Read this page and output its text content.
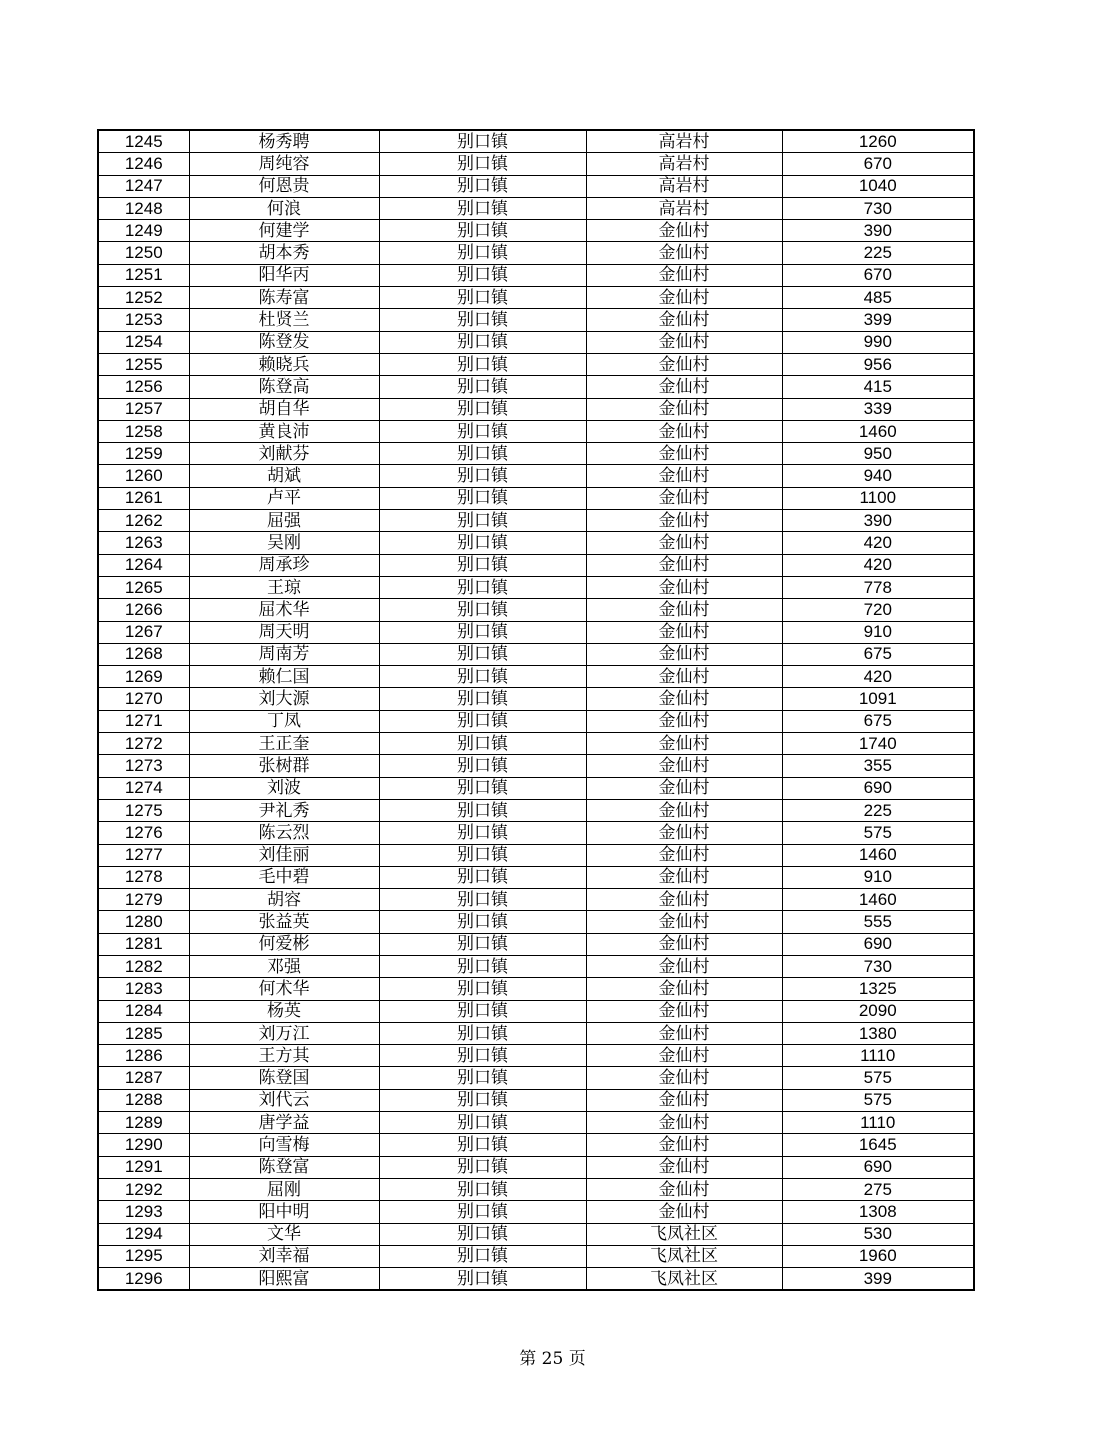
1245	杨秀聘	别口镇	高岩村	1260
1246	周纯容	别口镇	高岩村	670
1247	何恩贵	别口镇	高岩村	1040
1248	何浪	别口镇	高岩村	730
1249	何建学	别口镇	金仙村	390
1250	胡本秀	别口镇	金仙村	225
1251	阳华丙	别口镇	金仙村	670
1252	陈寿富	别口镇	金仙村	485
1253	杜贤兰	别口镇	金仙村	399
1254	陈登发	别口镇	金仙村	990
1255	赖晓兵	别口镇	金仙村	956
1256	陈登高	别口镇	金仙村	415
1257	胡自华	别口镇	金仙村	339
1258	黄良沛	别口镇	金仙村	1460
1259	刘献芬	别口镇	金仙村	950
1260	胡斌	别口镇	金仙村	940
1261	卢平	别口镇	金仙村	1100
1262	屈强	别口镇	金仙村	390
1263	吴刚	别口镇	金仙村	420
1264	周承珍	别口镇	金仙村	420
1265	王琼	别口镇	金仙村	778
1266	屈术华	别口镇	金仙村	720
1267	周天明	别口镇	金仙村	910
1268	周南芳	别口镇	金仙村	675
1269	赖仁国	别口镇	金仙村	420
1270	刘大源	别口镇	金仙村	1091
1271	丁凤	别口镇	金仙村	675
1272	王正奎	别口镇	金仙村	1740
1273	张树群	别口镇	金仙村	355
1274	刘波	别口镇	金仙村	690
1275	尹礼秀	别口镇	金仙村	225
1276	陈云烈	别口镇	金仙村	575
1277	刘佳丽	别口镇	金仙村	1460
1278	毛中碧	别口镇	金仙村	910
1279	胡容	别口镇	金仙村	1460
1280	张益英	别口镇	金仙村	555
1281	何爱彬	别口镇	金仙村	690
1282	邓强	别口镇	金仙村	730
1283	何术华	别口镇	金仙村	1325
1284	杨英	别口镇	金仙村	2090
1285	刘万江	别口镇	金仙村	1380
1286	王方其	别口镇	金仙村	1110
1287	陈登国	别口镇	金仙村	575
1288	刘代云	别口镇	金仙村	575
1289	唐学益	别口镇	金仙村	1110
1290	向雪梅	别口镇	金仙村	1645
1291	陈登富	别口镇	金仙村	690
1292	屈刚	别口镇	金仙村	275
1293	阳中明	别口镇	金仙村	1308
1294	文华	别口镇	飞凤社区	530
1295	刘幸福	别口镇	飞凤社区	1960
1296	阳熙富	别口镇	飞凤社区	399
第 25 页
